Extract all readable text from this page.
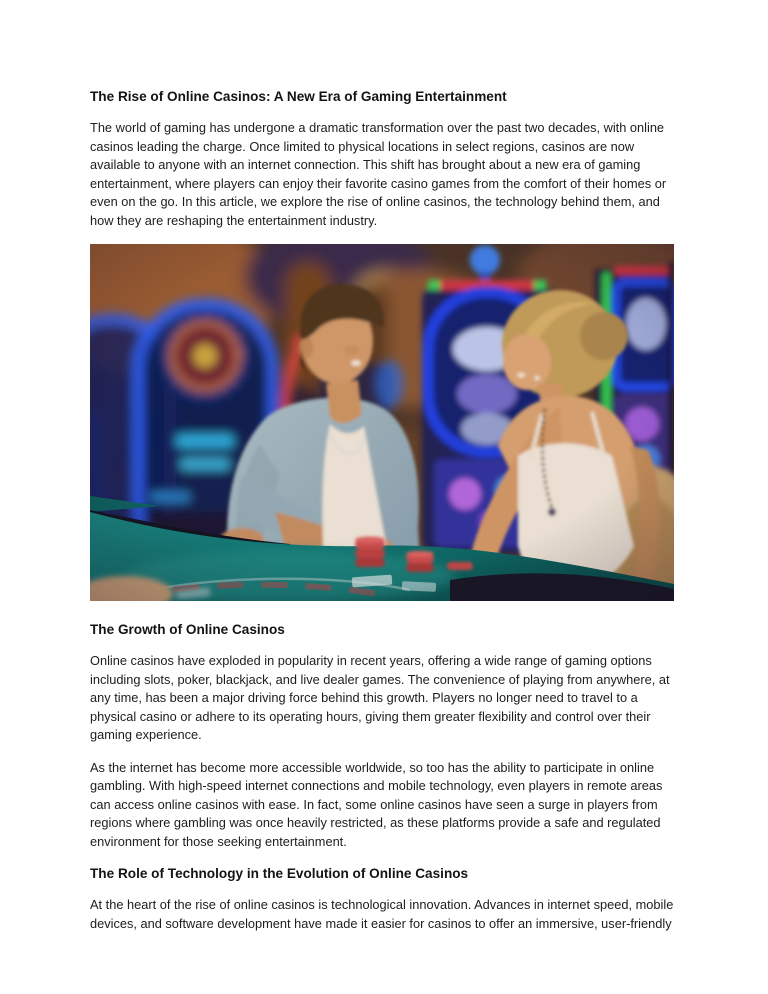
The Rise of Online Casinos: A New Era of Gaming Entertainment

The world of gaming has undergone a dramatic transformation over the past two decades, with online casinos leading the charge. Once limited to physical locations in select regions, casinos are now available to anyone with an internet connection. This shift has brought about a new era of gaming entertainment, where players can enjoy their favorite casino games from the comfort of their homes or even on the go. In this article, we explore the rise of online casinos, the technology behind them, and how they are reshaping the entertainment industry.

The Growth of Online Casinos

Online casinos have exploded in popularity in recent years, offering a wide range of gaming options including slots, poker, blackjack, and live dealer games. The convenience of playing from anywhere, at any time, has been a major driving force behind this growth. Players no longer need to travel to a physical casino or adhere to its operating hours, giving them greater flexibility and control over their gaming experience.

As the internet has become more accessible worldwide, so too has the ability to participate in online gambling. With high-speed internet connections and mobile technology, even players in remote areas can access online casinos with ease. In fact, some online casinos have seen a surge in players from regions where gambling was once heavily restricted, as these platforms provide a safe and regulated environment for those seeking entertainment.

The Role of Technology in the Evolution of Online Casinos

At the heart of the rise of online casinos is technological innovation. Advances in internet speed, mobile devices, and software development have made it easier for casinos to offer an immersive, user-friendly
